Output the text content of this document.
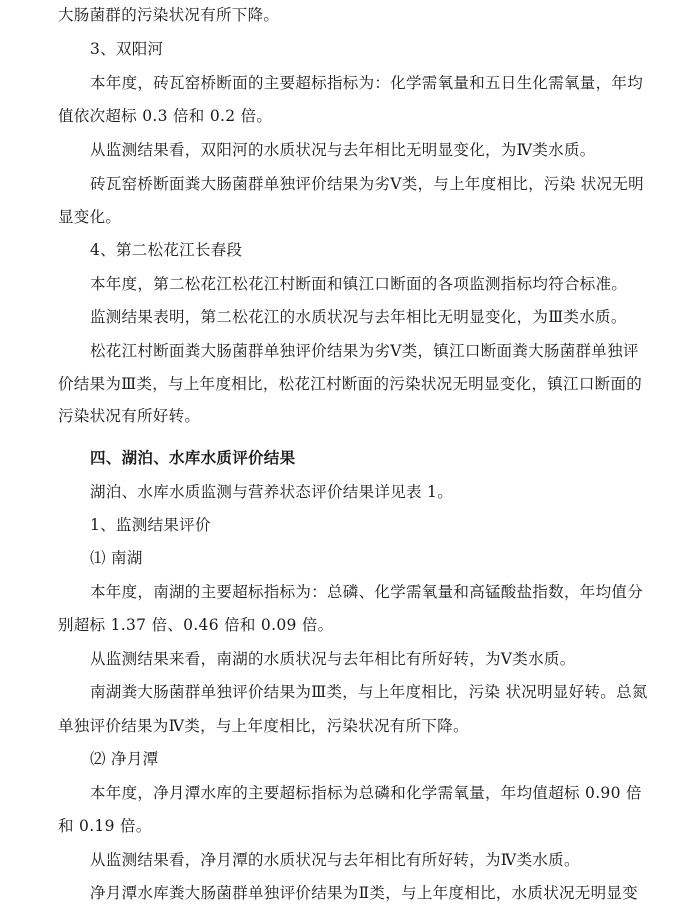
大肠菌群的污染状况有所下降。
3、双阳河
本年度，砖瓦窑桥断面的主要超标指标为：化学需氧量和五日生化需氧量，年均
值依次超标 0.3 倍和 0.2 倍。
从监测结果看，双阳河的水质状况与去年相比无明显变化，为Ⅳ类水质。
砖瓦窑桥断面粪大肠菌群单独评价结果为劣Ⅴ类，与上年度相比，污染 状况无明
显变化。
4、第二松花江长春段
本年度，第二松花江松花江村断面和镇江口断面的各项监测指标均符合标准。
监测结果表明，第二松花江的水质状况与去年相比无明显变化，为Ⅲ类水质。
松花江村断面粪大肠菌群单独评价结果为劣Ⅴ类，镇江口断面粪大肠菌群单独评
价结果为Ⅲ类，与上年度相比，松花江村断面的污染状况无明显变化，镇江口断面的
污染状况有所好转。
四、湖泊、水库水质评价结果
湖泊、水库水质监测与营养状态评价结果详见表 1。
1、监测结果评价
⑴ 南湖
本年度，南湖的主要超标指标为：总磷、化学需氧量和高锰酸盐指数，年均值分
别超标 1.37 倍、0.46 倍和 0.09 倍。
从监测结果来看，南湖的水质状况与去年相比有所好转，为Ⅴ类水质。
南湖粪大肠菌群单独评价结果为Ⅲ类，与上年度相比，污染 状况明显好转。总氮
单独评价结果为Ⅳ类，与上年度相比，污染状况有所下降。
⑵ 净月潭
本年度，净月潭水库的主要超标指标为总磷和化学需氧量，年均值超标 0.90 倍
和 0.19 倍。
从监测结果看，净月潭的水质状况与去年相比有所好转，为Ⅳ类水质。
净月潭水库粪大肠菌群单独评价结果为Ⅱ类，与上年度相比，水质状况无明显变
